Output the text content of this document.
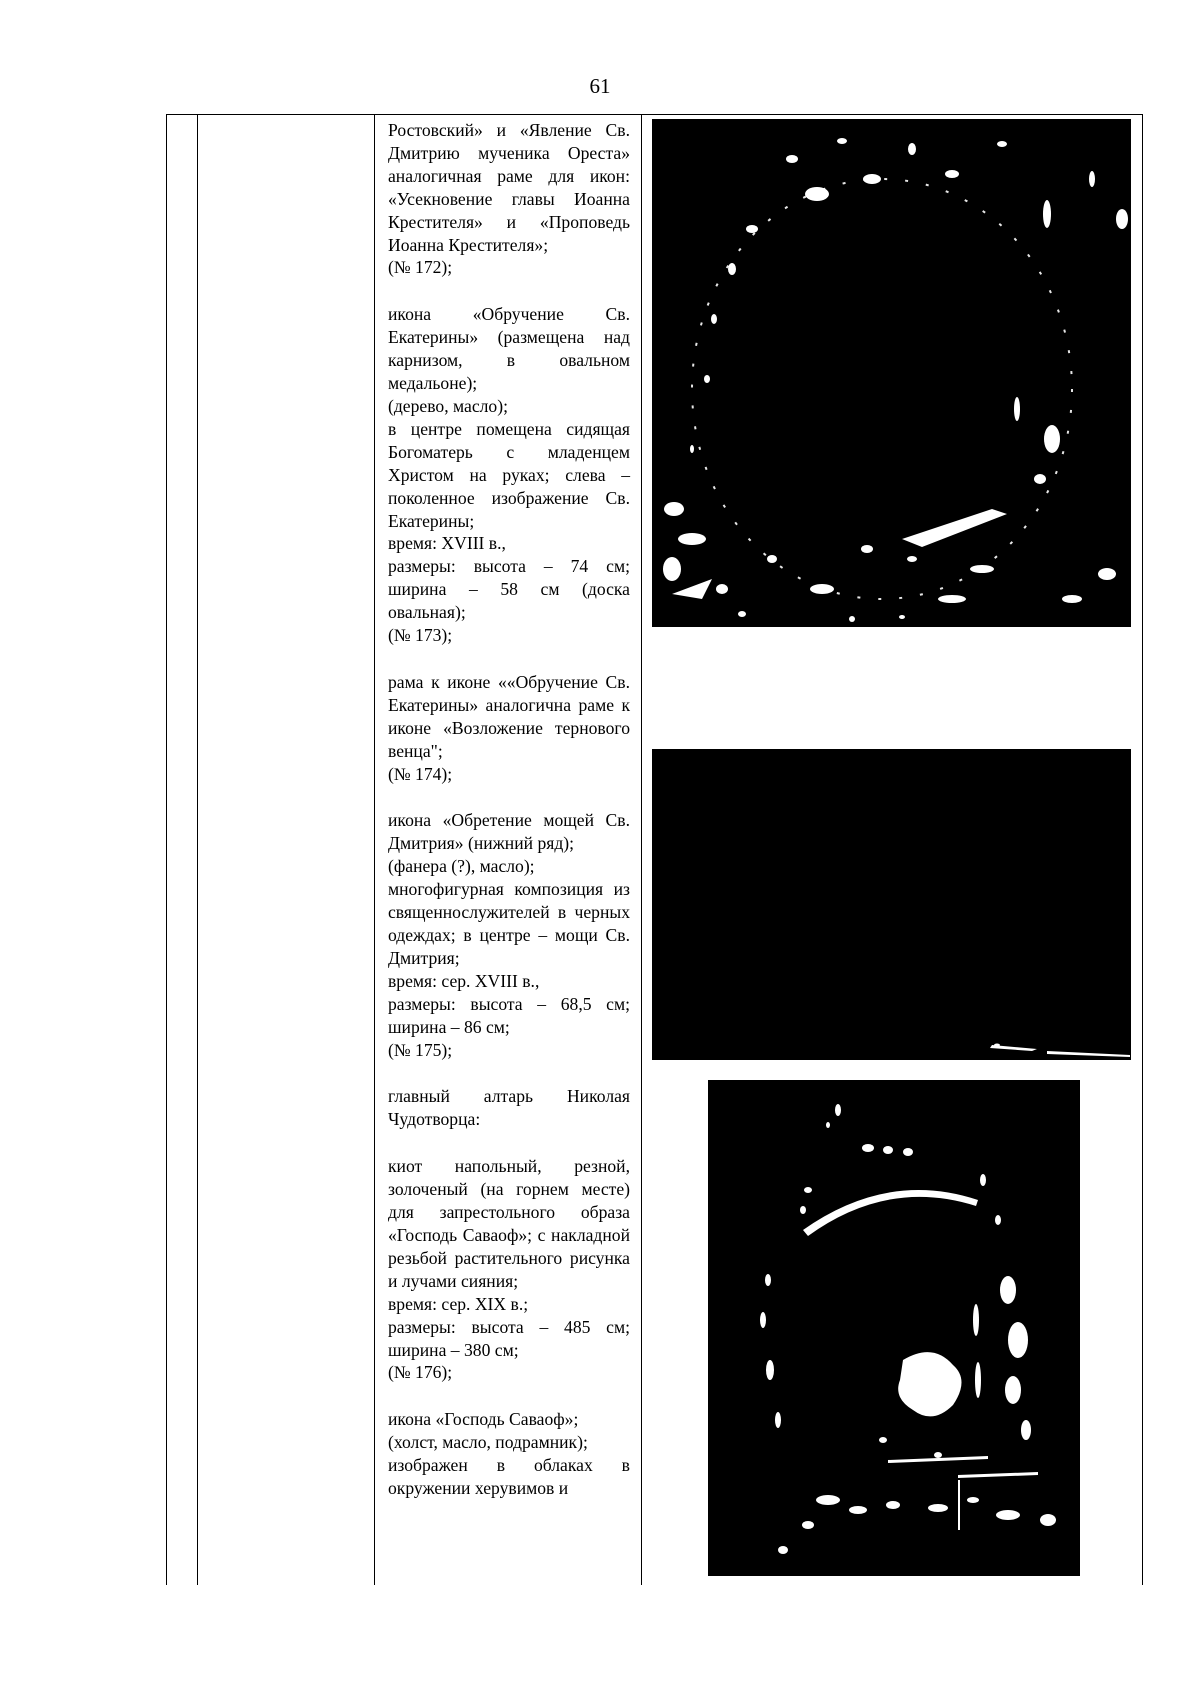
61

Ростовский» и «Явление Св. Дмитрию мученика Ореста» аналогичная раме для икон: «Усекновение главы Иоанна Крестителя» и «Проповедь Иоанна Крестителя»;

(№ 172);

икона «Обручение Св. Екатерины» (размещена над карнизом, в овальном медальоне);

(дерево, масло);

в центре помещена сидящая Богоматерь с младенцем Христом на руках; слева – поколенное изображение Св. Екатерины;

время: XVIII в.,

размеры: высота – 74 см; ширина – 58 см (доска овальная);

(№ 173);

рама к иконе ««Обручение Св. Екатерины» аналогична раме к иконе «Возложение тернового венца";

(№ 174);

икона «Обретение мощей Св. Дмитрия» (нижний ряд);

(фанера (?), масло);

многофигурная композиция из священнослужителей в черных одеждах; в центре – мощи Св. Дмитрия;

время: сер. XVIII в.,

размеры: высота – 68,5 см; ширина – 86 см;

(№ 175);

главный алтарь Николая Чудотворца:

киот напольный, резной, золоченый (на горнем месте) для запрестольного образа «Господь Саваоф»; с накладной резьбой растительного рисунка и лучами сияния;

время: сер. XIX в.;

размеры: высота – 485 см; ширина – 380 см;

(№ 176);

икона «Господь Саваоф»;

(холст, масло, подрамник);

изображен в облаках в окружении херувимов и
